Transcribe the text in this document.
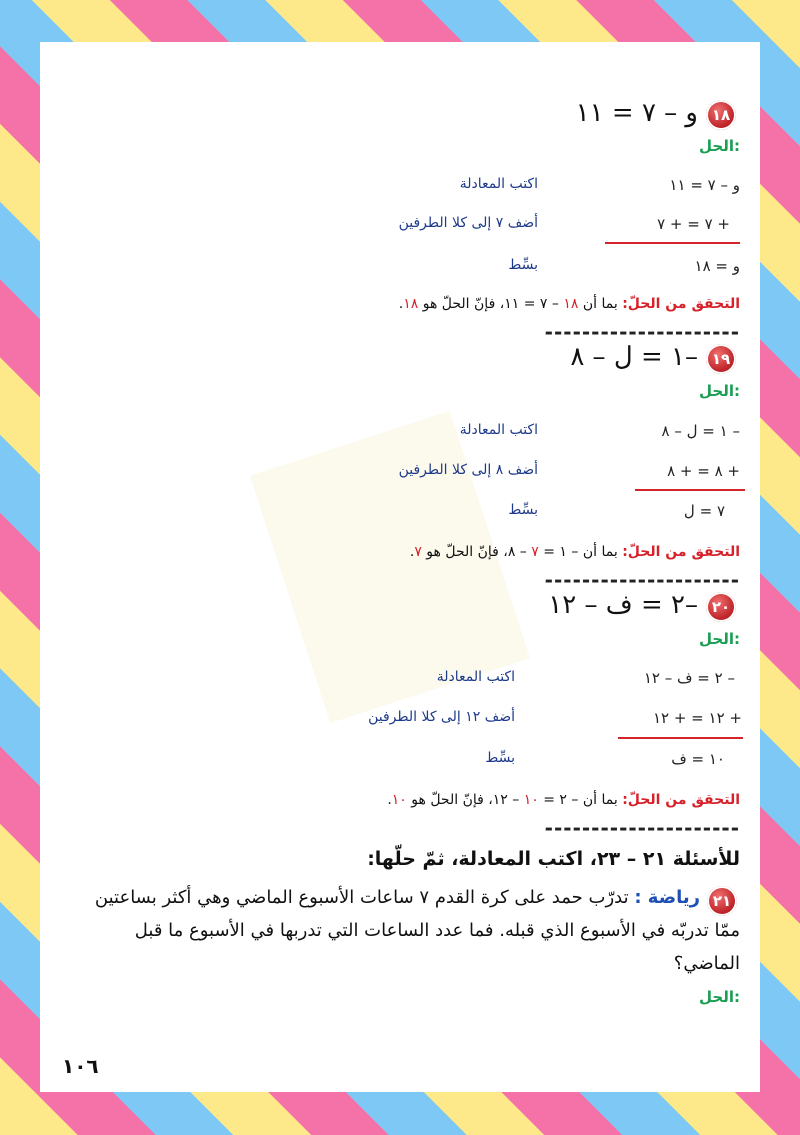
١٨
و – ٧ = ١١
الحل:
و – ٧ = ١١
اكتب المعادلة
+ ٧ = + ٧
أضف ٧ إلى كلا الطرفين
و = ١٨
بسِّط
التحقق من الحلّ: بما أن ١٨ – ٧ = ١١، فإنّ الحلّ هو ١٨.
---------------------
١٩
–١ = ل – ٨
الحل:
– ١ = ل – ٨
اكتب المعادلة
+ ٨ = + ٨
أضف ٨ إلى كلا الطرفين
٧ = ل
بسِّط
التحقق من الحلّ: بما أن – ١ = ٧ – ٨، فإنّ الحلّ هو ٧.
---------------------
٢٠
–٢ = ف – ١٢
الحل:
– ٢ = ف – ١٢
اكتب المعادلة
+ ١٢ = + ١٢
أضف ١٢ إلى كلا الطرفين
١٠ = ف
بسِّط
التحقق من الحلّ: بما أن – ٢ = ١٠ – ١٢، فإنّ الحلّ هو ١٠.
---------------------
للأسئلة ٢١ – ٢٣، اكتب المعادلة، ثمّ حلّها:
٢١
رياضة : تدرّب حمد على كرة القدم ٧ ساعات الأسبوع الماضي وهي أكثر بساعتين
ممّا تدربّه في الأسبوع الذي قبله. فما عدد الساعات التي تدربها في الأسبوع ما قبل
الماضي؟
الحل:
١٠٦
